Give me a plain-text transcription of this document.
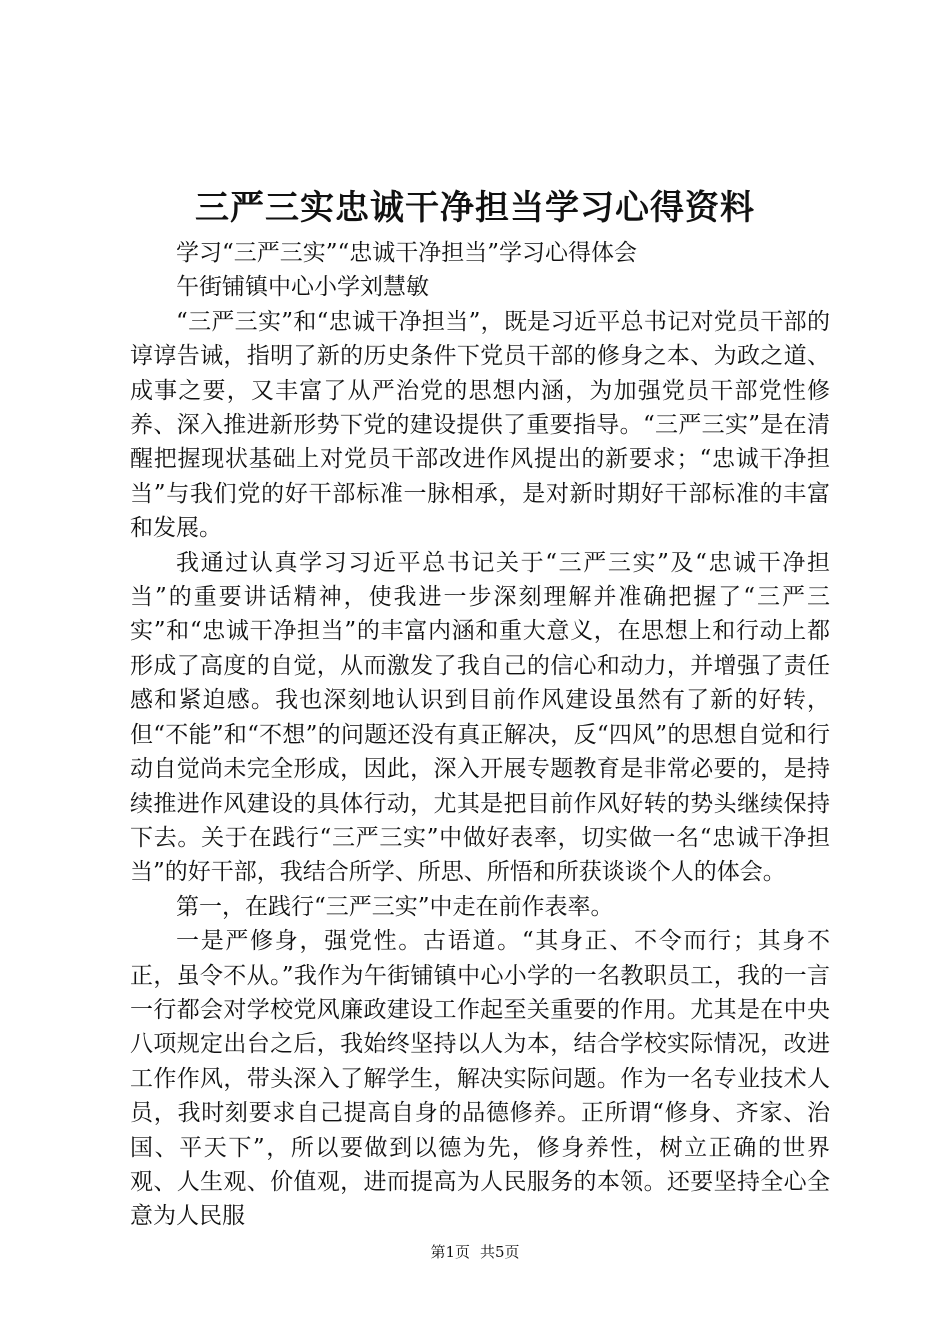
三严三实忠诚干净担当学习心得资料

学习“三严三实”“忠诚干净担当”学习心得体会

午街铺镇中心小学刘慧敏

“三严三实”和“忠诚干净担当”，既是习近平总书记对党员干部的谆谆告诫，指明了新的历史条件下党员干部的修身之本、为政之道、成事之要，又丰富了从严治党的思想内涵，为加强党员干部党性修养、深入推进新形势下党的建设提供了重要指导。“三严三实”是在清醒把握现状基础上对党员干部改进作风提出的新要求；“忠诚干净担当”与我们党的好干部标准一脉相承，是对新时期好干部标准的丰富和发展。

我通过认真学习习近平总书记关于“三严三实”及“忠诚干净担当”的重要讲话精神，使我进一步深刻理解并准确把握了“三严三实”和“忠诚干净担当”的丰富内涵和重大意义，在思想上和行动上都形成了高度的自觉，从而激发了我自己的信心和动力，并增强了责任感和紧迫感。我也深刻地认识到目前作风建设虽然有了新的好转，但“不能”和“不想”的问题还没有真正解决，反“四风”的思想自觉和行动自觉尚未完全形成，因此，深入开展专题教育是非常必要的，是持续推进作风建设的具体行动，尤其是把目前作风好转的势头继续保持下去。关于在践行“三严三实”中做好表率，切实做一名“忠诚干净担当”的好干部，我结合所学、所思、所悟和所获谈谈个人的体会。

第一，在践行“三严三实”中走在前作表率。

一是严修身，强党性。古语道。“其身正、不令而行；其身不正，虽令不从。”我作为午街铺镇中心小学的一名教职员工，我的一言一行都会对学校党风廉政建设工作起至关重要的作用。尤其是在中央八项规定出台之后，我始终坚持以人为本，结合学校实际情况，改进工作作风，带头深入了解学生，解决实际问题。作为一名专业技术人员，我时刻要求自己提高自身的品德修养。正所谓“修身、齐家、治国、平天下”，所以要做到以德为先，修身养性，树立正确的世界观、人生观、价值观，进而提高为人民服务的本领。还要坚持全心全意为人民服

第1页 共5页
